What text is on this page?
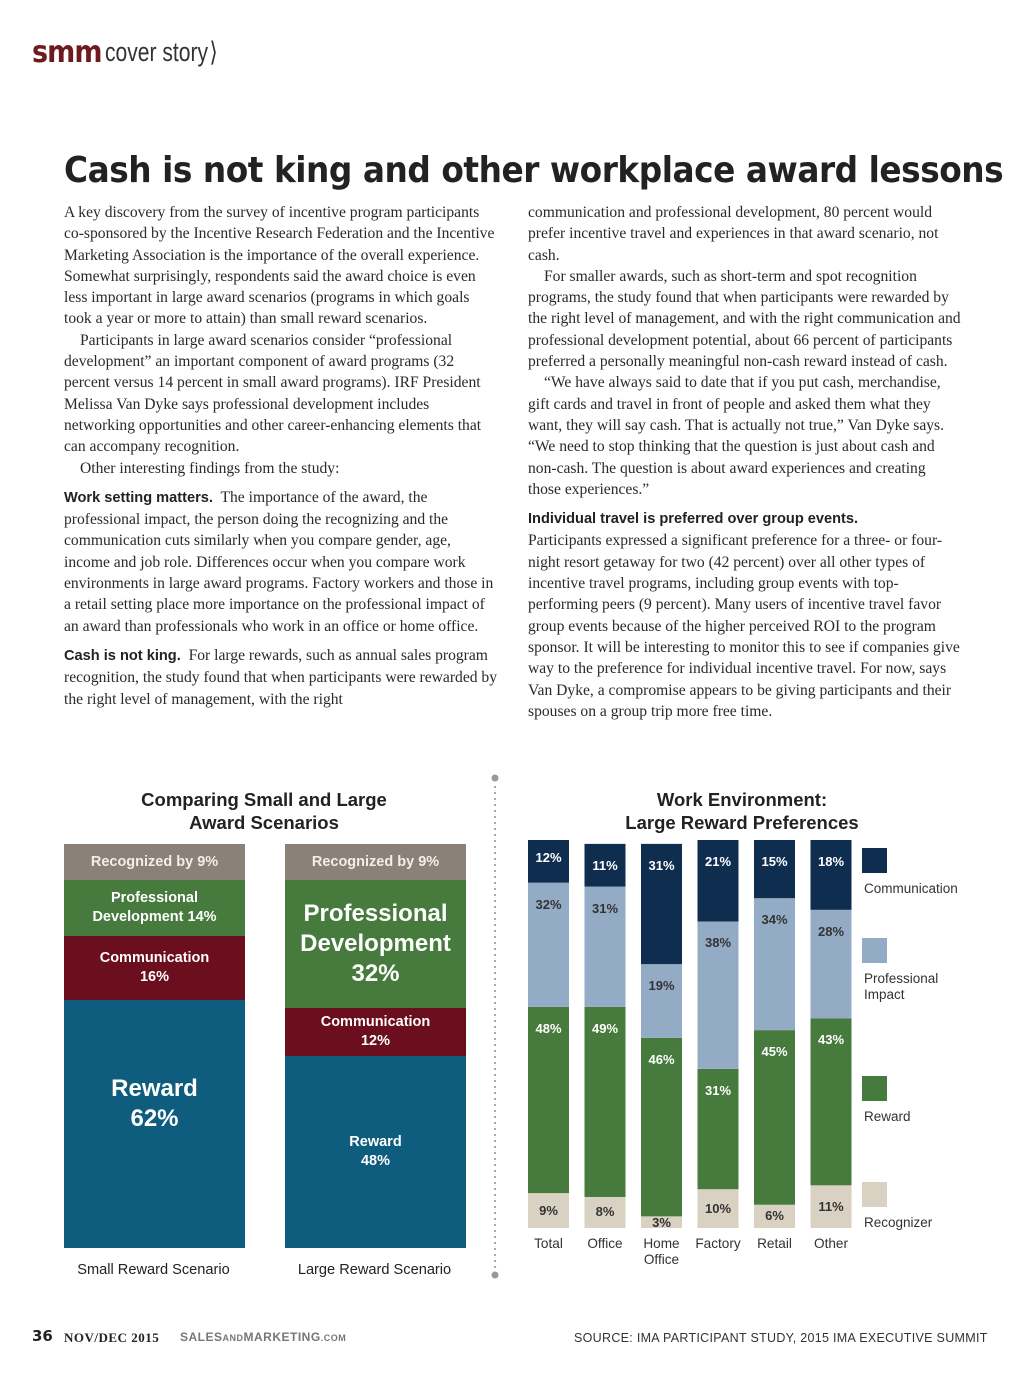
smm cover story⟩
Cash is not king and other workplace award lessons

A key discovery from the survey of incentive program participants co-sponsored by the Incentive Research Federation and the Incentive Marketing Association is the importance of the overall experience. Somewhat surprisingly, respondents said the award choice is even less important in large award scenarios (programs in which goals took a year or more to attain) than small reward scenarios.

Participants in large award scenarios consider “professional development” an important component of award programs (32 percent versus 14 percent in small award programs). IRF President Melissa Van Dyke says professional development includes networking opportunities and other career-enhancing elements that can accompany recognition.

Other interesting findings from the study:

Work setting matters. The importance of the award, the professional impact, the person doing the recognizing and the communication cuts similarly when you compare gender, age, income and job role. Differences occur when you compare work environments in large award programs. Factory workers and those in a retail setting place more importance on the professional impact of an award than professionals who work in an office or home office.

Cash is not king. For large rewards, such as annual sales program recognition, the study found that when participants were rewarded by the right level of management, with the right

communication and professional development, 80 percent would prefer incentive travel and experiences in that award scenario, not cash.

For smaller awards, such as short-term and spot recognition programs, the study found that when participants were rewarded by the right level of management, and with the right communication and professional development potential, about 66 percent of participants preferred a personally meaningful non-cash reward instead of cash.

“We have always said to date that if you put cash, merchandise, gift cards and travel in front of people and asked them what they want, they will say cash. That is actually not true,” Van Dyke says. “We need to stop thinking that the question is just about cash and non-cash. The question is about award experiences and creating those experiences.”

Individual travel is preferred over group events.

Participants expressed a significant preference for a three- or four-night resort getaway for two (42 percent) over all other types of incentive travel programs, including group events with top-performing peers (9 percent). Many users of incentive travel favor group events because of the higher perceived ROI to the program sponsor. It will be interesting to monitor this to see if companies give way to the preference for individual incentive travel. For now, says Van Dyke, a compromise appears to be giving participants and their spouses on a group trip more free time.

Comparing Small and Large
Award Scenarios
Reward
62%
Communication
16%
Professional
Development 14%
Recognized by 9%
Reward
48%
Communication
12%
Professional
Development
32%
Recognized by 9%
Small Reward Scenario	Large Reward Scenario
Work Environment:
Large Reward Preferences
9%
48%
32%
12%
Total
8%
49%
31%
11%
Office
3%
46%
19%
31%
Home
Office
10%
31%
38%
21%
Factory
6%
45%
34%
15%
Retail
11%
43%
28%
18%
Other
Communication
Professional
Impact
Reward
Recognizer
36 NOV/DEC 2015 SALESANDMARKETING.COM	SOURCE: IMA PARTICIPANT STUDY, 2015 IMA EXECUTIVE SUMMIT
